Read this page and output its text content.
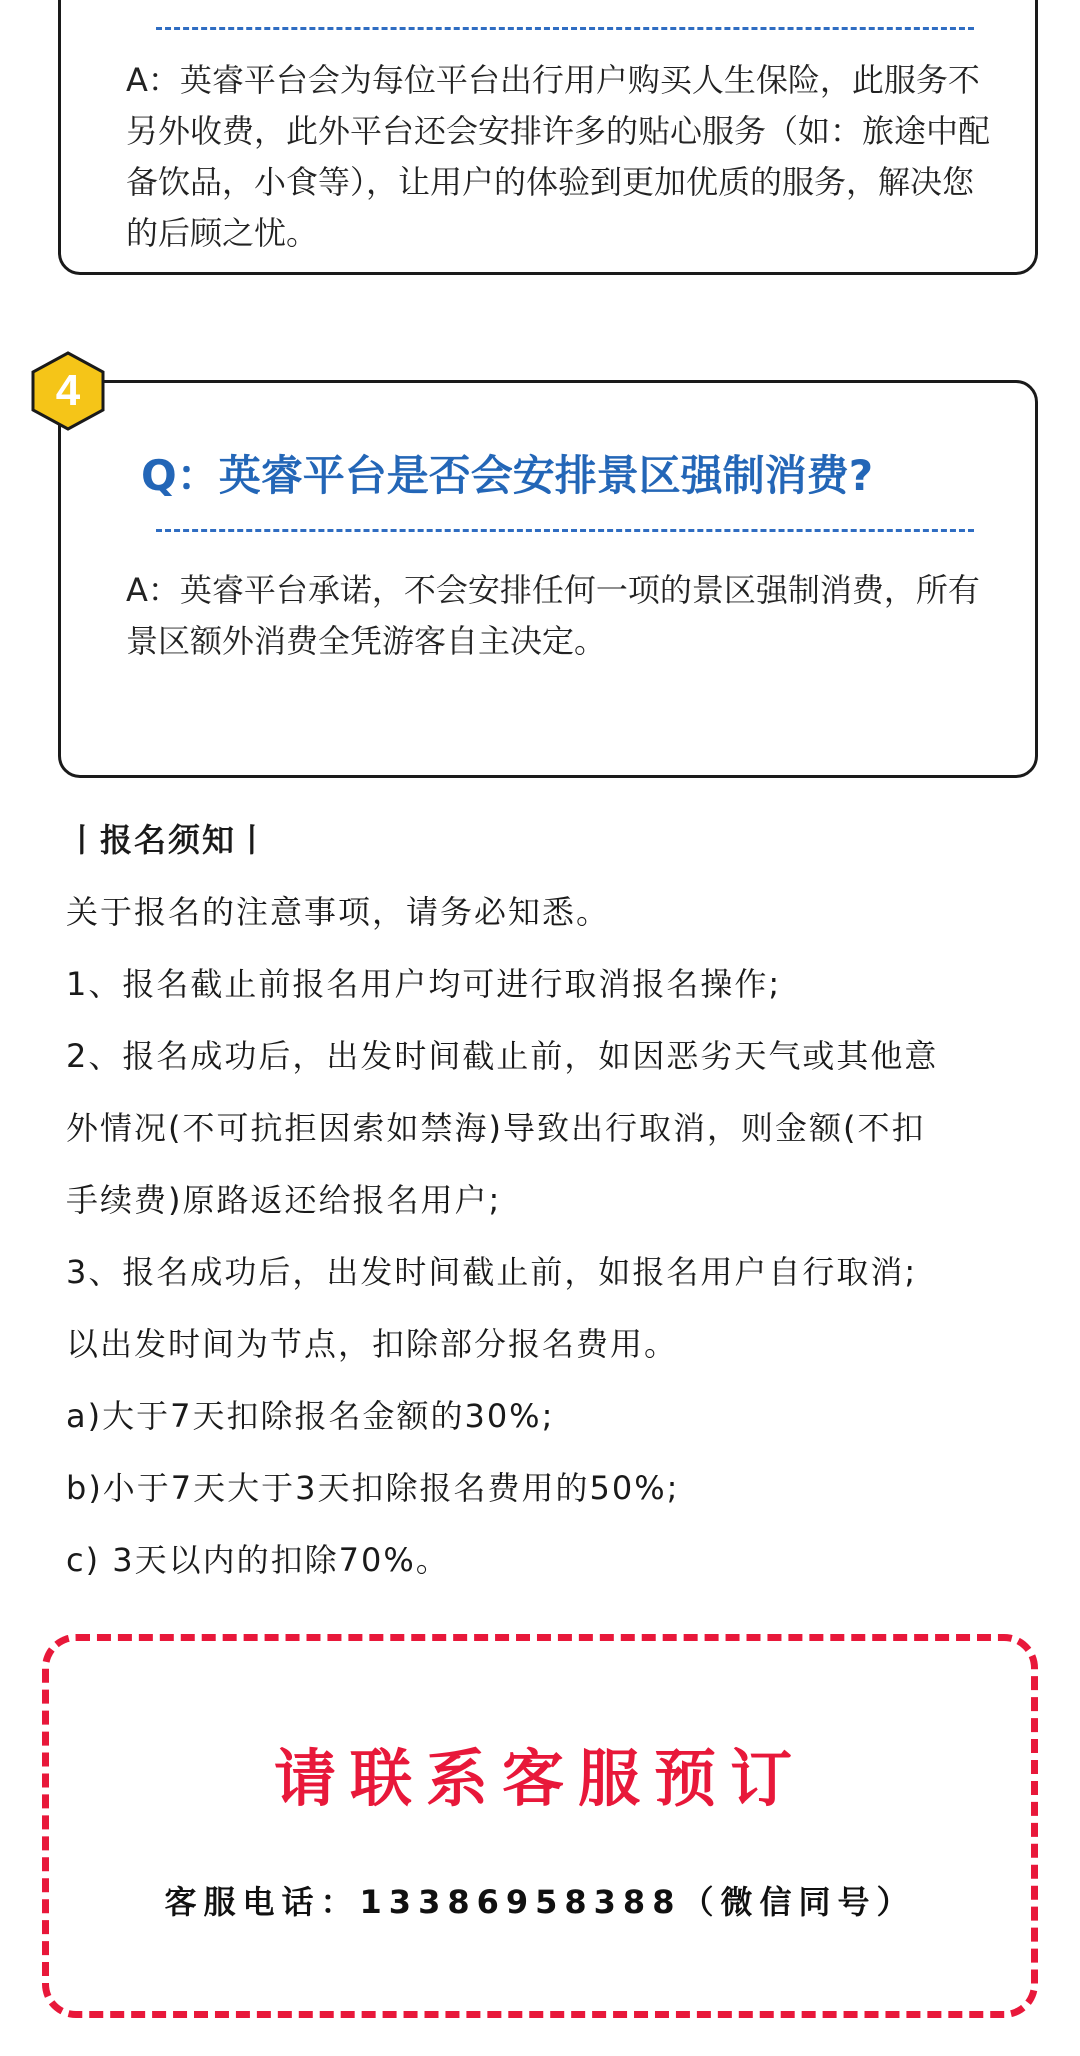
A：英睿平台会为每位平台出行用户购买人生保险，此服务不另外收费，此外平台还会安排许多的贴心服务（如：旅途中配备饮品，小食等），让用户的体验到更加优质的服务，解决您的后顾之忧。
4
Q：英睿平台是否会安排景区强制消费?
A：英睿平台承诺，不会安排任何一项的景区强制消费，所有景区额外消费全凭游客自主决定。
丨报名须知丨
关于报名的注意事项，请务必知悉。
1、报名截止前报名用户均可进行取消报名操作;
2、报名成功后，出发时间截止前，如因恶劣天气或其他意
外情况(不可抗拒因索如禁海)导致出行取消，则金额(不扣
手续费)原路返还给报名用户;
3、报名成功后，出发时间截止前，如报名用户自行取消;
以出发时间为节点，扣除部分报名费用。
a)大于7天扣除报名金额的30%;
b)小于7天大于3天扣除报名费用的50%;
c) 3天以内的扣除70%。
请联系客服预订
客服电话：13386958388（微信同号）
